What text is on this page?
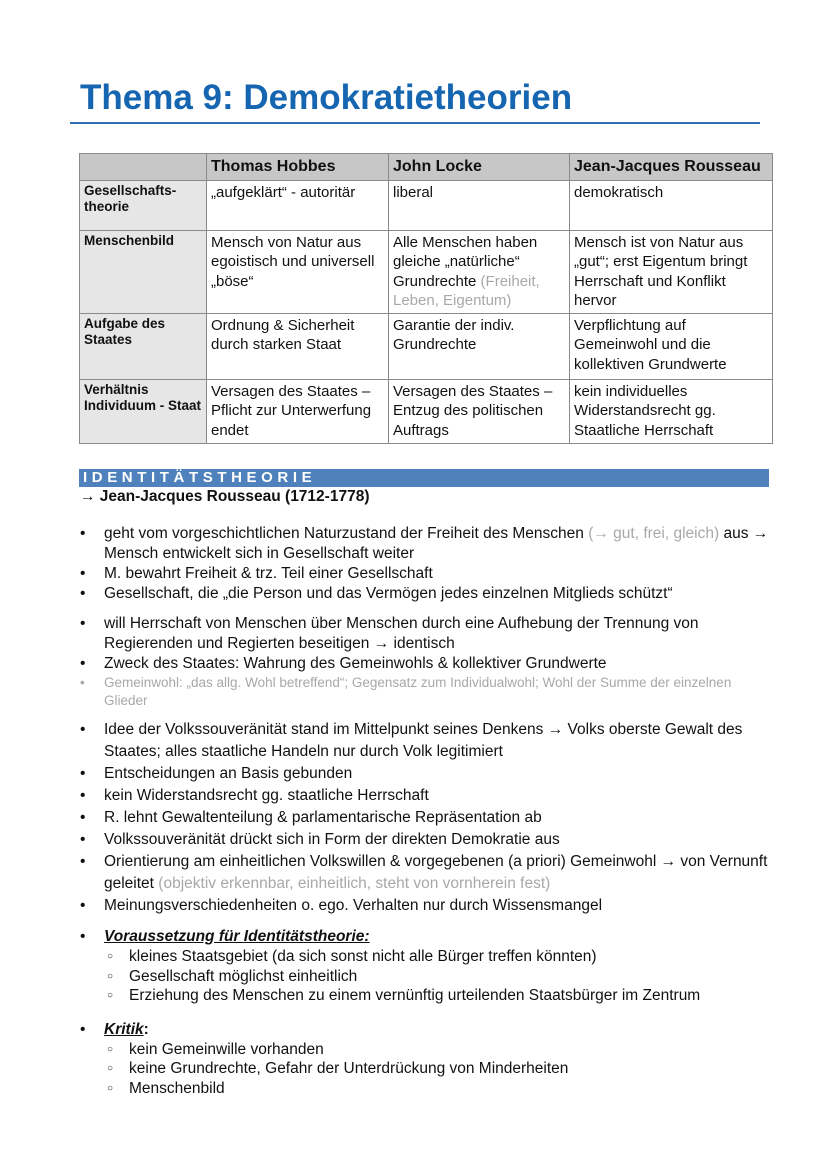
Thema 9: Demokratietheorien
	Thomas Hobbes	John Locke	Jean-Jacques Rousseau
Gesellschafts-theorie	„aufgeklärt“ - autoritär	liberal	demokratisch
Menschenbild	Mensch von Natur aus egoistisch und universell „böse“	Alle Menschen haben gleiche „natürliche“ Grundrechte (Freiheit, Leben, Eigentum)	Mensch ist von Natur aus „gut“; erst Eigentum bringt Herrschaft und Konflikt hervor
Aufgabe des Staates	Ordnung & Sicherheit durch starken Staat	Garantie der indiv. Grundrechte	Verpflichtung auf Gemeinwohl und die kollektiven Grundwerte
Verhältnis Individuum - Staat	Versagen des Staates – Pflicht zur Unterwerfung endet	Versagen des Staates – Entzug des politischen Auftrags	kein individuelles Widerstandsrecht gg. Staatliche Herrschaft
IDENTITÄTSTHEORIE
→ Jean-Jacques Rousseau (1712-1778)
• geht vom vorgeschichtlichen Naturzustand der Freiheit des Menschen (→ gut, frei, gleich) aus → Mensch entwickelt sich in Gesellschaft weiter
• M. bewahrt Freiheit & trz. Teil einer Gesellschaft
• Gesellschaft, die „die Person und das Vermögen jedes einzelnen Mitglieds schützt“
• will Herrschaft von Menschen über Menschen durch eine Aufhebung der Trennung von Regierenden und Regierten beseitigen → identisch
• Zweck des Staates: Wahrung des Gemeinwohls & kollektiver Grundwerte
• Gemeinwohl: „das allg. Wohl betreffend“; Gegensatz zum Individualwohl; Wohl der Summe der einzelnen Glieder
• Idee der Volkssouveränität stand im Mittelpunkt seines Denkens → Volks oberste Gewalt des Staates; alles staatliche Handeln nur durch Volk legitimiert
• Entscheidungen an Basis gebunden
• kein Widerstandsrecht gg. staatliche Herrschaft
• R. lehnt Gewaltenteilung & parlamentarische Repräsentation ab
• Volkssouveränität drückt sich in Form der direkten Demokratie aus
• Orientierung am einheitlichen Volkswillen & vorgegebenen (a priori) Gemeinwohl → von Vernunft geleitet (objektiv erkennbar, einheitlich, steht von vornherein fest)
• Meinungsverschiedenheiten o. ego. Verhalten nur durch Wissensmangel
• Voraussetzung für Identitätstheorie:
○ kleines Staatsgebiet (da sich sonst nicht alle Bürger treffen könnten)
○ Gesellschaft möglichst einheitlich
○ Erziehung des Menschen zu einem vernünftig urteilenden Staatsbürger im Zentrum
• Kritik:
○ kein Gemeinwille vorhanden
○ keine Grundrechte, Gefahr der Unterdrückung von Minderheiten
○ Menschenbild
